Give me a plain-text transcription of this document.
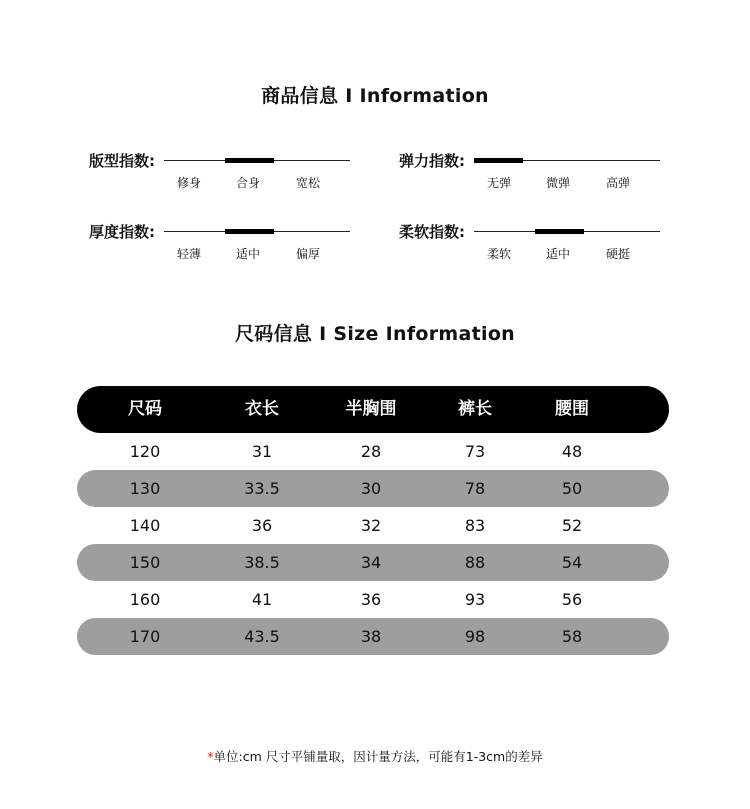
商品信息 I Information
版型指数:
修身	合身	宽松
弹力指数:
无弹	微弹	高弹
厚度指数:
轻薄	适中	偏厚
柔软指数:
柔软	适中	硬挺
尺码信息 I Size Information
尺码	衣长	半胸围	裤长	腰围
120	31	28	73	48
130	33.5	30	78	50
140	36	32	83	52
150	38.5	34	88	54
160	41	36	93	56
170	43.5	38	98	58
*单位:cm 尺寸平铺量取，因计量方法，可能有1-3cm的差异
